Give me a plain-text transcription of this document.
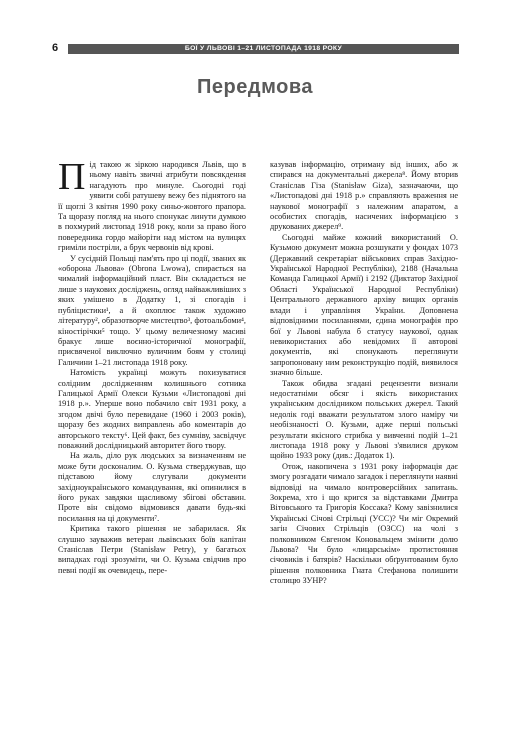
6	БОЇ У ЛЬВОВІ 1–21 ЛИСТОПАДА 1918 РОКУ
Передмова

Під такою ж зіркою народився Львів, що в ньому навіть звичні атрибути повсякдення нагадують про минуле. Сьогодні годі уявити собі ратушеву вежу без піднятого на її щоглі 3 квітня 1990 року синьо-жовтого прапора. Та щоразу погляд на нього спонукає линути думкою в похмурий листопад 1918 року, коли за право його повередника гордо майоріти над містом на вулицях гриміли постріли, а брук червонів від крові.

У сусідній Польщі пам'ять про ці події, званих як «оборона Львова» (Obrona Lwowa), спирається на чималий інформаційний пласт. Він складається не лише з наукових досліджень, огляд найважливіших з яких умішено в Додатку 1, зі спогадів і публіцистики¹, а й охоплює також художню літературу², образотворче мистецтво³, фотоальбоми⁴, кіностірічки⁵ тощо. У цьому величезному масиві бракує лише воєнно-історичної монографії, присвяченої виключно вуличним боям у столиці Галичини 1–21 листопада 1918 року.

Натомість українці можуть похизуватися солідним дослідженням колишнього сотника Галицької Армії Олекси Кузьми «Листопадові дні 1918 р.». Уперше воно побачило світ 1931 року, а згодом двічі було перевидане (1960 і 2003 років), щоразу без жодних виправлень або коментарів до авторського тексту⁶. Цей факт, без сумніву, засвідчує поважний дослідницький авторитет його твору.

На жаль, діло рук людських за визначенням не може бути досконалим. О. Кузьма стверджував, що підставою йому слугували документи західноукраїнського командування, які опинилися в його руках завдяки щасливому збігові обставин. Проте він свідомо відмовився давати будь-які посилання на ці документи⁷.

Критика такого рішення не забарилася. Як слушно зауважив ветеран львівських боїв капітан Станіслав Петри (Stanisław Petry), у багатьох випадках годі зрозуміти, чи О. Кузьма свідчив про певні події як очевидець, пере-

казував інформацію, отриману від інших, або ж спирався на документальні джерела⁸. Йому вторив Станіслав Гіза (Stanisław Giza), зазначаючи, що «Листопадові дні 1918 р.» справляють враження не наукової монографії з належним апаратом, а особистих спогадів, насичених інформацією з друкованих джерел⁹.

Сьогодні майже кожний використаний О. Кузьмою документ можна розшукати у фондах 1073 (Державний секретаріат військових справ Західно-Української Народної Республіки), 2188 (Начальна Команда Галицької Армії) і 2192 (Диктатор Західної Області Української Народної Республіки) Центрального державного архіву вищих органів влади і управління України. Доповнена відповідними посиланнями, єдина монографія про бої у Львові набула б статусу наукової, однак невикористаних або невідомих її авторові документів, які спонукають переглянути запропоновану ним реконструкцію подій, виявилося значно більше.

Також обидва згадані рецензенти визнали недостатніми обсяг і якість використаних українським дослідником польських джерел. Такий недолік годі вважати результатом злого наміру чи необізнаності О. Кузьми, адже перші польські результати якісного стрибка у вивченні подій 1–21 листопада 1918 року у Львові з'явилися друком щойно 1933 року (див.: Додаток 1).

Отож, накопичена з 1931 року інформація дає змогу розгадати чимало загадок і переглянути наявні відповіді на чимало контроверсійних запитань. Зокрема, хто і що кригся за відставками Дмитра Вітовського та Григорія Коссака? Кому завізнилися Українські Січові Стрільці (УСС)? Чи міг Окремий загін Січових Стрільців (ОЗСС) на чолі з полковником Євгеном Коновальцем змінити долю Львова? Чи було «лицарськім» протистояння січовиків і батярів? Наскільки обґрунтованим було рішення полковника Гната Стефанова полишити столицю ЗУНР?
